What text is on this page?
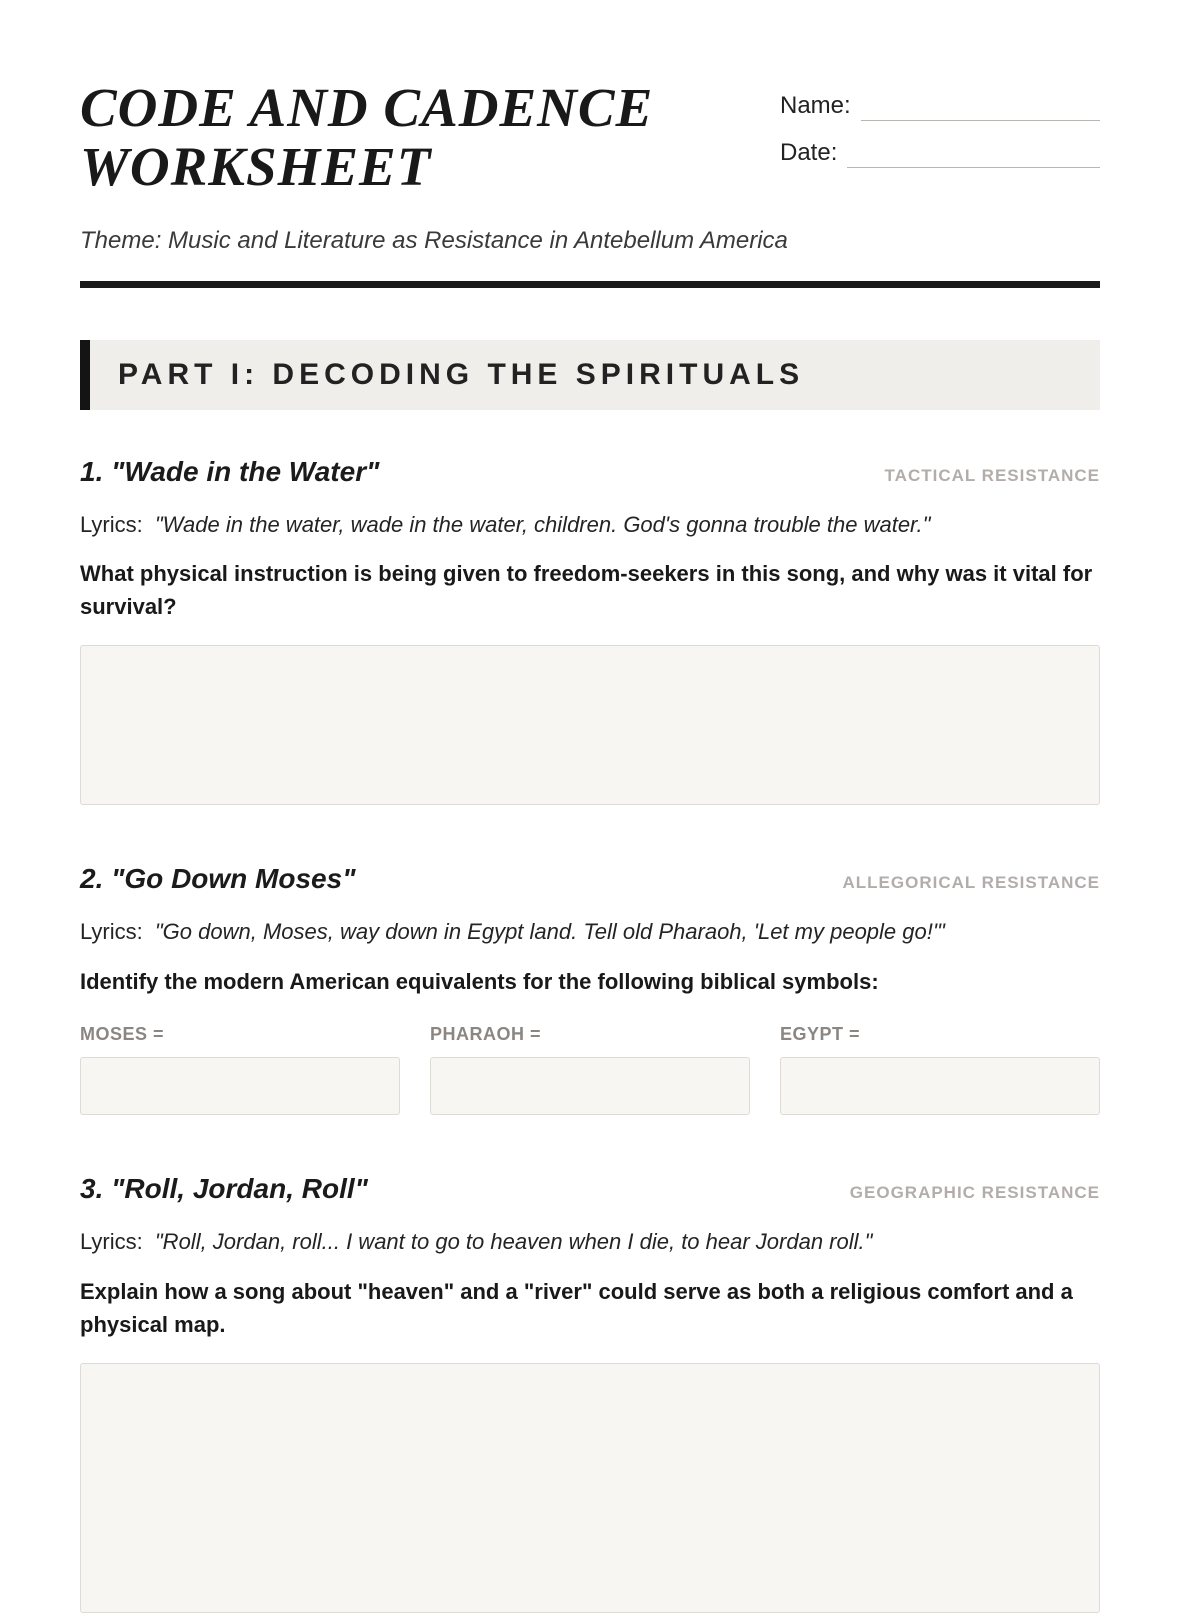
CODE AND CADENCE WORKSHEET
Name:
Date:

Theme: Music and Literature as Resistance in Antebellum America

PART I: DECODING THE SPIRITUALS
1. "Wade in the Water"	TACTICAL RESISTANCE

Lyrics: "Wade in the water, wade in the water, children. God's gonna trouble the water."

What physical instruction is being given to freedom-seekers in this song, and why was it vital for survival?

2. "Go Down Moses"	ALLEGORICAL RESISTANCE

Lyrics: "Go down, Moses, way down in Egypt land. Tell old Pharaoh, 'Let my people go!'"

Identify the modern American equivalents for the following biblical symbols:

MOSES =	PHARAOH =	EGYPT =
3. "Roll, Jordan, Roll"	GEOGRAPHIC RESISTANCE

Lyrics: "Roll, Jordan, roll... I want to go to heaven when I die, to hear Jordan roll."

Explain how a song about "heaven" and a "river" could serve as both a religious comfort and a physical map.
